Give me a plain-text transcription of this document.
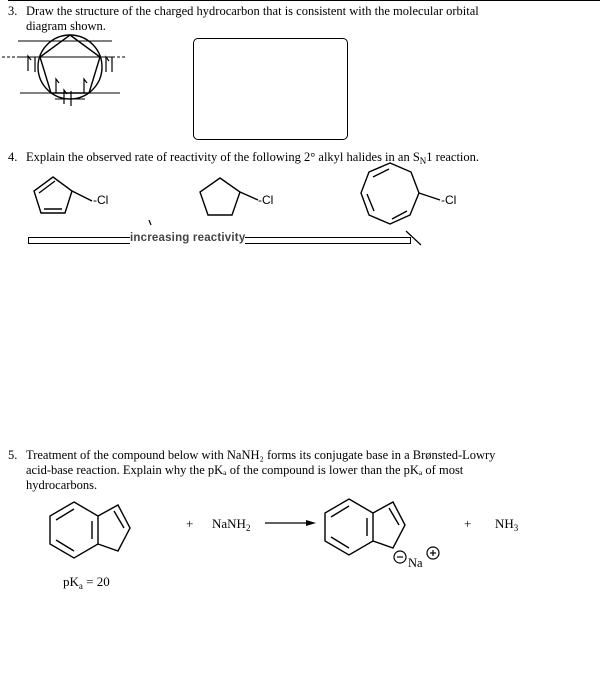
3. Draw the structure of the charged hydrocarbon that is consistent with the molecular orbital
diagram shown.
4. Explain the observed rate of reactivity of the following 2° alkyl halides in an $S_N1$ reaction.
-Cl	-Cl	-Cl
increasing reactivity
5. Treatment of the compound below with NaNH₂ forms its conjugate base in a Brønsted-Lowry
acid-base reaction. Explain why the pKₐ of the compound is lower than the pKₐ of most
hydrocarbons.
+ NaNH$_2$	+ $NH_3$
Na
$pK_a = 20$
